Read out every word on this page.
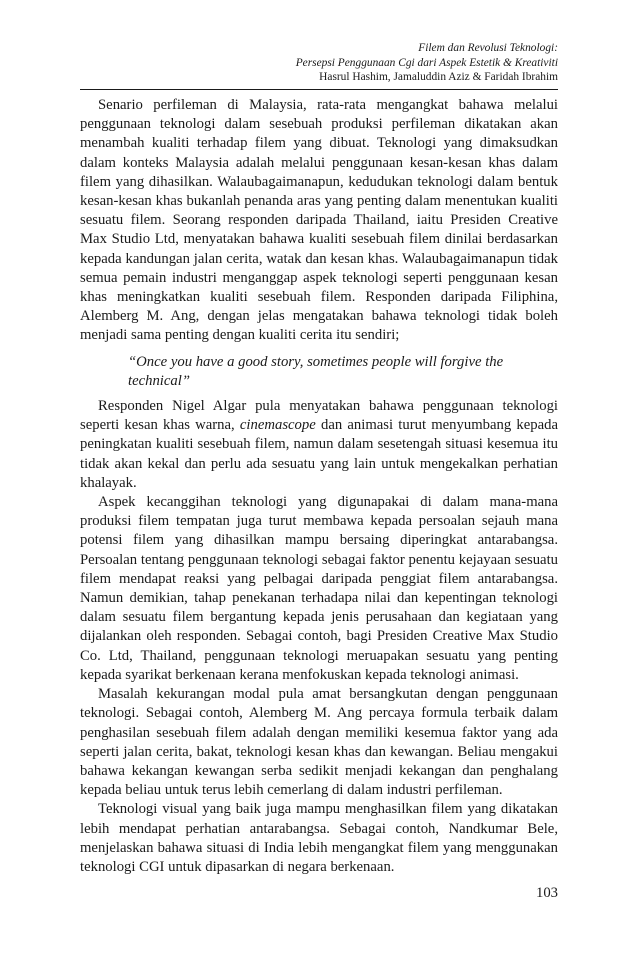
Filem dan Revolusi Teknologi:
Persepsi Penggunaan Cgi dari Aspek Estetik & Kreativiti
Hasrul Hashim, Jamaluddin Aziz & Faridah Ibrahim

Senario perfileman di Malaysia, rata-rata mengangkat bahawa melalui penggunaan teknologi dalam sesebuah produksi perfileman dikatakan akan menambah kualiti terhadap filem yang dibuat. Teknologi yang dimaksudkan dalam konteks Malaysia adalah melalui penggunaan kesan-kesan khas dalam filem yang dihasilkan. Walaubagaimanapun, kedudukan teknologi dalam bentuk kesan-kesan khas bukanlah penanda aras yang penting dalam menentukan kualiti sesuatu filem. Seorang responden daripada Thailand, iaitu Presiden Creative Max Studio Ltd, menyatakan bahawa kualiti sesebuah filem dinilai berdasarkan kepada kandungan jalan cerita, watak dan kesan khas. Walaubagaimanapun tidak semua pemain industri menganggap aspek teknologi seperti penggunaan kesan khas meningkatkan kualiti sesebuah filem. Responden daripada Filiphina, Alemberg M. Ang, dengan jelas mengatakan bahawa teknologi tidak boleh menjadi sama penting dengan kualiti cerita itu sendiri;

“Once you have a good story, sometimes people will forgive the technical”

Responden Nigel Algar pula menyatakan bahawa penggunaan teknologi seperti kesan khas warna, cinemascope dan animasi turut menyumbang kepada peningkatan kualiti sesebuah filem, namun dalam sesetengah situasi kesemua itu tidak akan kekal dan perlu ada sesuatu yang lain untuk mengekalkan perhatian khalayak.

Aspek kecanggihan teknologi yang digunapakai di dalam mana-mana produksi filem tempatan juga turut membawa kepada persoalan sejauh mana potensi filem yang dihasilkan mampu bersaing diperingkat antarabangsa. Persoalan tentang penggunaan teknologi sebagai faktor penentu kejayaan sesuatu filem mendapat reaksi yang pelbagai daripada penggiat filem antarabangsa. Namun demikian, tahap penekanan terhadapa nilai dan kepentingan teknologi dalam sesuatu filem bergantung kepada jenis perusahaan dan kegiataan yang dijalankan oleh responden. Sebagai contoh, bagi Presiden Creative Max Studio Co. Ltd, Thailand, penggunaan teknologi meruapakan sesuatu yang penting kepada syarikat berkenaan kerana menfokuskan kepada teknologi animasi.

Masalah kekurangan modal pula amat bersangkutan dengan penggunaan teknologi. Sebagai contoh, Alemberg M. Ang percaya formula terbaik dalam penghasilan sesebuah filem adalah dengan memiliki kesemua faktor yang ada seperti jalan cerita, bakat, teknologi kesan khas dan kewangan. Beliau mengakui bahawa kekangan kewangan serba sedikit menjadi kekangan dan penghalang kepada beliau untuk terus lebih cemerlang di dalam industri perfileman.

Teknologi visual yang baik juga mampu menghasilkan filem yang dikatakan lebih mendapat perhatian antarabangsa. Sebagai contoh, Nandkumar Bele, menjelaskan bahawa situasi di India lebih mengangkat filem yang menggunakan teknologi CGI untuk dipasarkan di negara berkenaan.

103
